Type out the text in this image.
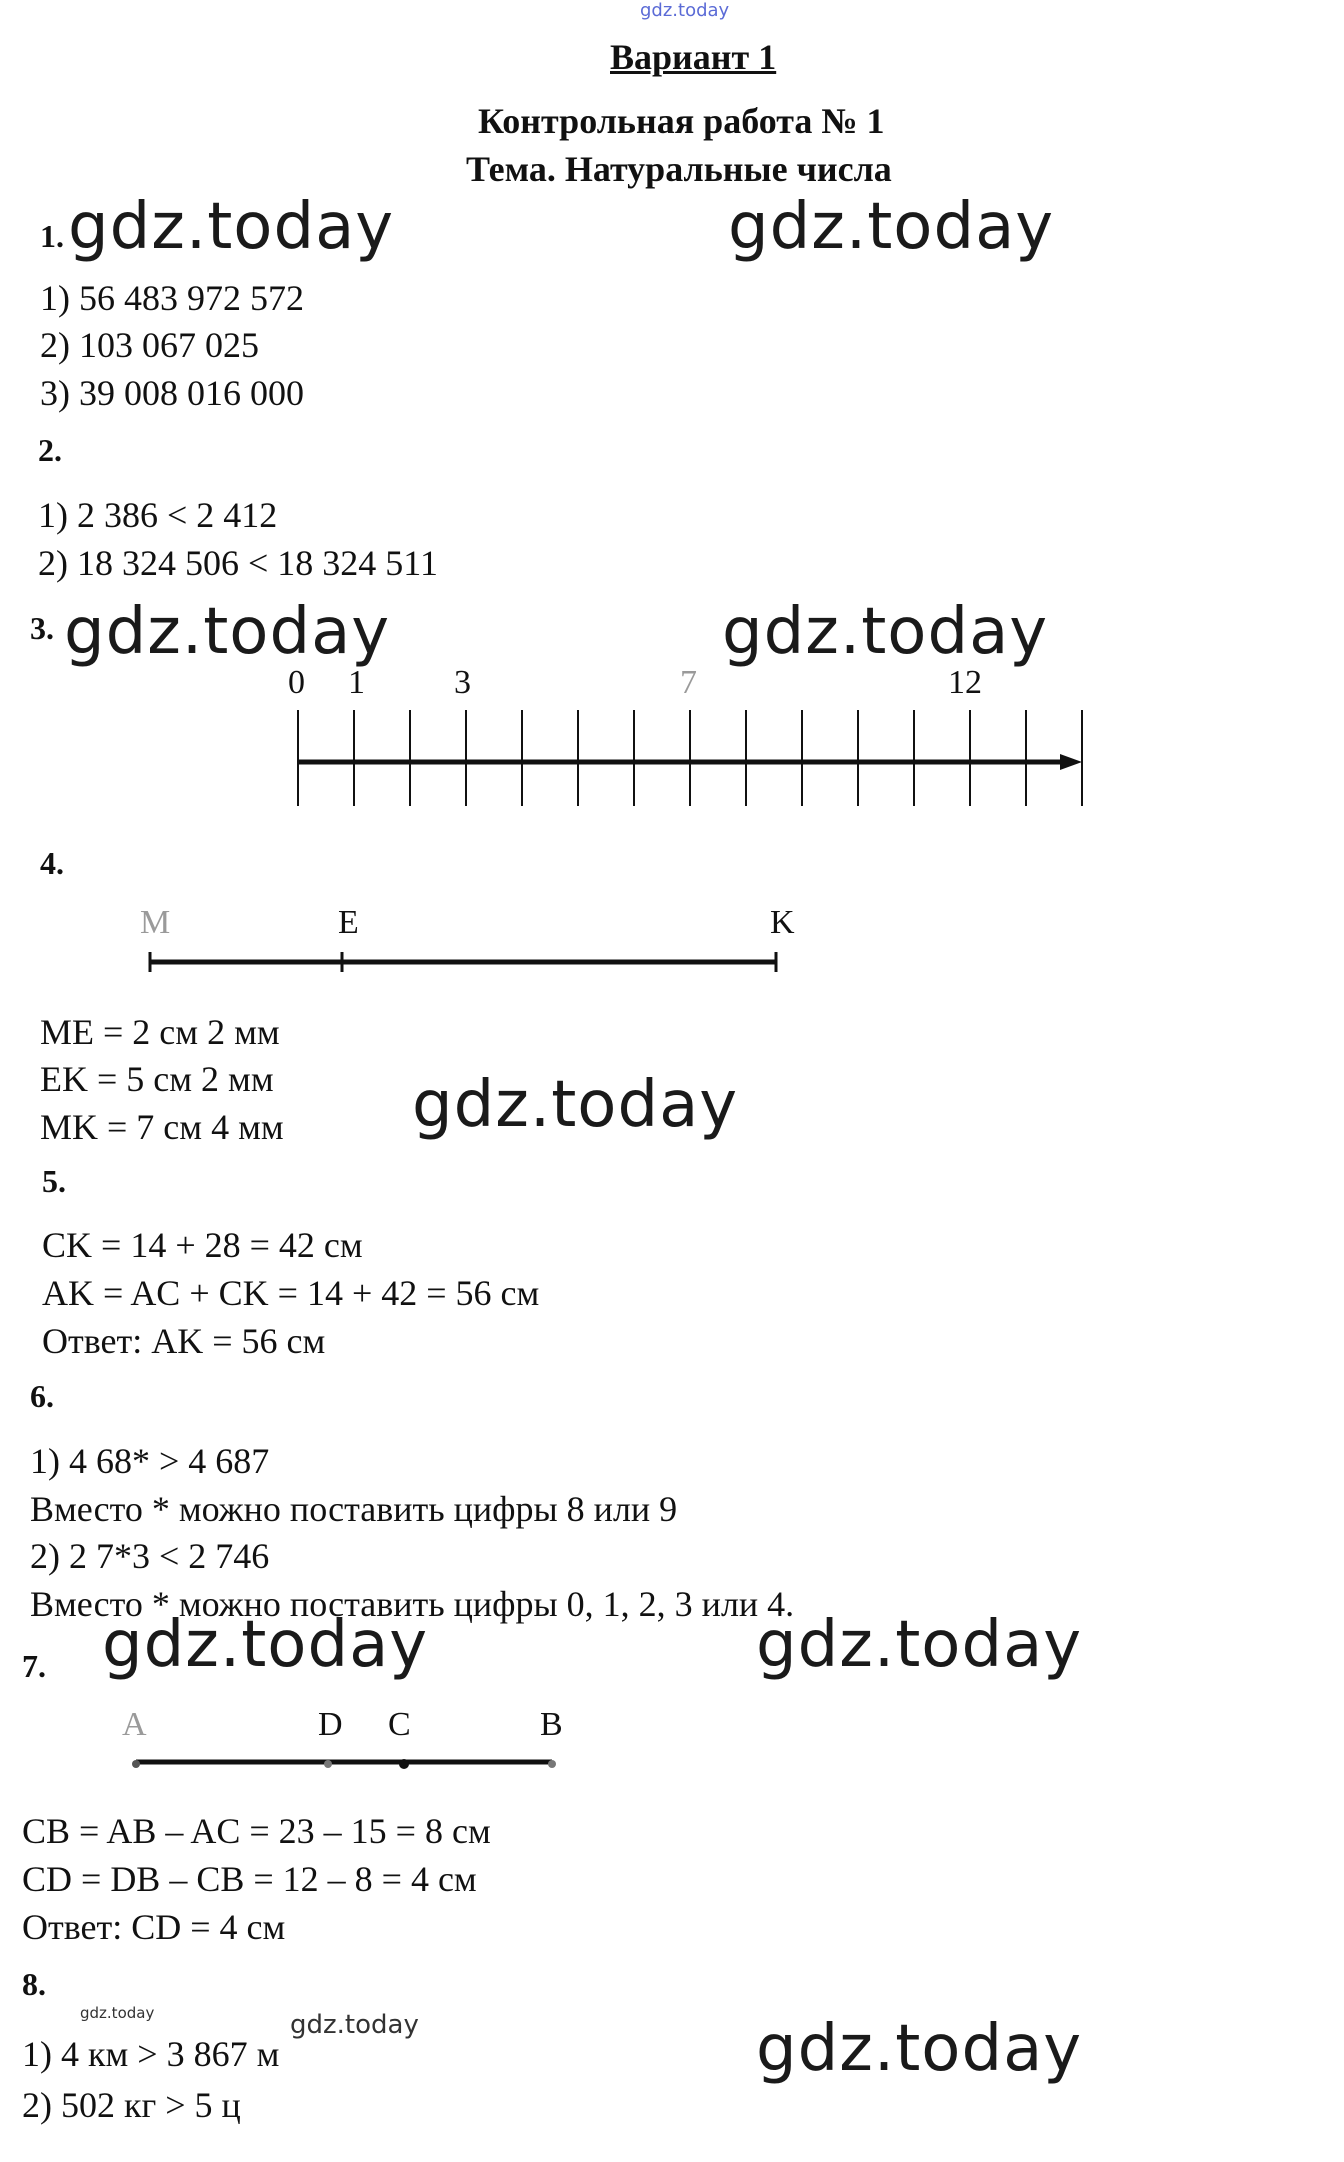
gdz.today
Вариант 1
Контрольная работа № 1
Тема. Натуральные числа
1. gdz.today	gdz.today
1) 56 483 972 572
2) 103 067 025
3) 39 008 016 000
2.
1) 2 386 < 2 412
2) 18 324 506 < 18 324 511
3. gdz.today	gdz.today
0 1	3	7	12
4.
M	E	K
ME = 2 см 2 мм
EK = 5 см 2 мм
MK = 7 см 4 мм gdz.today
5.
CK = 14 + 28 = 42 см
AK = AC + CK = 14 + 42 = 56 см
Ответ: AK = 56 см
6.
1) 4 68* > 4 687
Вместо * можно поставить цифры 8 или 9
2) 2 7*3 < 2 746
Вместо * можно поставить цифры 0, 1, 2, 3 или 4.
7. gdz.today	gdz.today
A	D C	B
CB = AB – AC = 23 – 15 = 8 см
CD = DB – CB = 12 – 8 = 4 см
Ответ: CD = 4 см
8.
gdz.today	gdz.today	gdz.today
1) 4 км > 3 867 м
2) 502 кг > 5 ц
